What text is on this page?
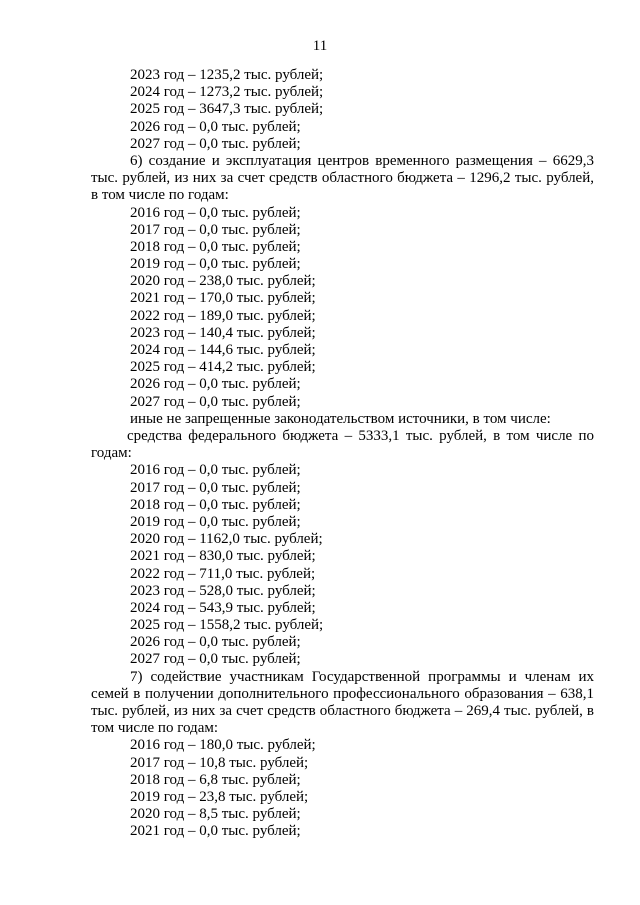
11
2023 год – 1235,2 тыс. рублей;
2024 год – 1273,2 тыс. рублей;
2025 год – 3647,3 тыс. рублей;
2026 год – 0,0 тыс. рублей;
2027 год – 0,0 тыс. рублей;
6) создание и эксплуатация центров временного размещения – 6629,3 тыс. рублей, из них за счет средств областного бюджета – 1296,2 тыс. рублей, в том числе по годам:
2016 год – 0,0 тыс. рублей;
2017 год – 0,0 тыс. рублей;
2018 год – 0,0 тыс. рублей;
2019 год – 0,0 тыс. рублей;
2020 год – 238,0 тыс. рублей;
2021 год – 170,0 тыс. рублей;
2022 год – 189,0 тыс. рублей;
2023 год – 140,4 тыс. рублей;
2024 год – 144,6 тыс. рублей;
2025 год – 414,2 тыс. рублей;
2026 год – 0,0 тыс. рублей;
2027 год – 0,0 тыс. рублей;
иные не запрещенные законодательством источники, в том числе:
средства федерального бюджета – 5333,1 тыс. рублей, в том числе по годам:
2016 год – 0,0 тыс. рублей;
2017 год – 0,0 тыс. рублей;
2018 год – 0,0 тыс. рублей;
2019 год – 0,0 тыс. рублей;
2020 год – 1162,0 тыс. рублей;
2021 год – 830,0 тыс. рублей;
2022 год – 711,0 тыс. рублей;
2023 год – 528,0 тыс. рублей;
2024 год – 543,9 тыс. рублей;
2025 год – 1558,2 тыс. рублей;
2026 год – 0,0 тыс. рублей;
2027 год – 0,0 тыс. рублей;
7) содействие участникам Государственной программы и членам их семей в получении дополнительного профессионального образования – 638,1 тыс. рублей, из них за счет средств областного бюджета – 269,4 тыс. рублей, в том числе по годам:
2016 год – 180,0 тыс. рублей;
2017 год – 10,8 тыс. рублей;
2018 год – 6,8 тыс. рублей;
2019 год – 23,8 тыс. рублей;
2020 год – 8,5 тыс. рублей;
2021 год – 0,0 тыс. рублей;
